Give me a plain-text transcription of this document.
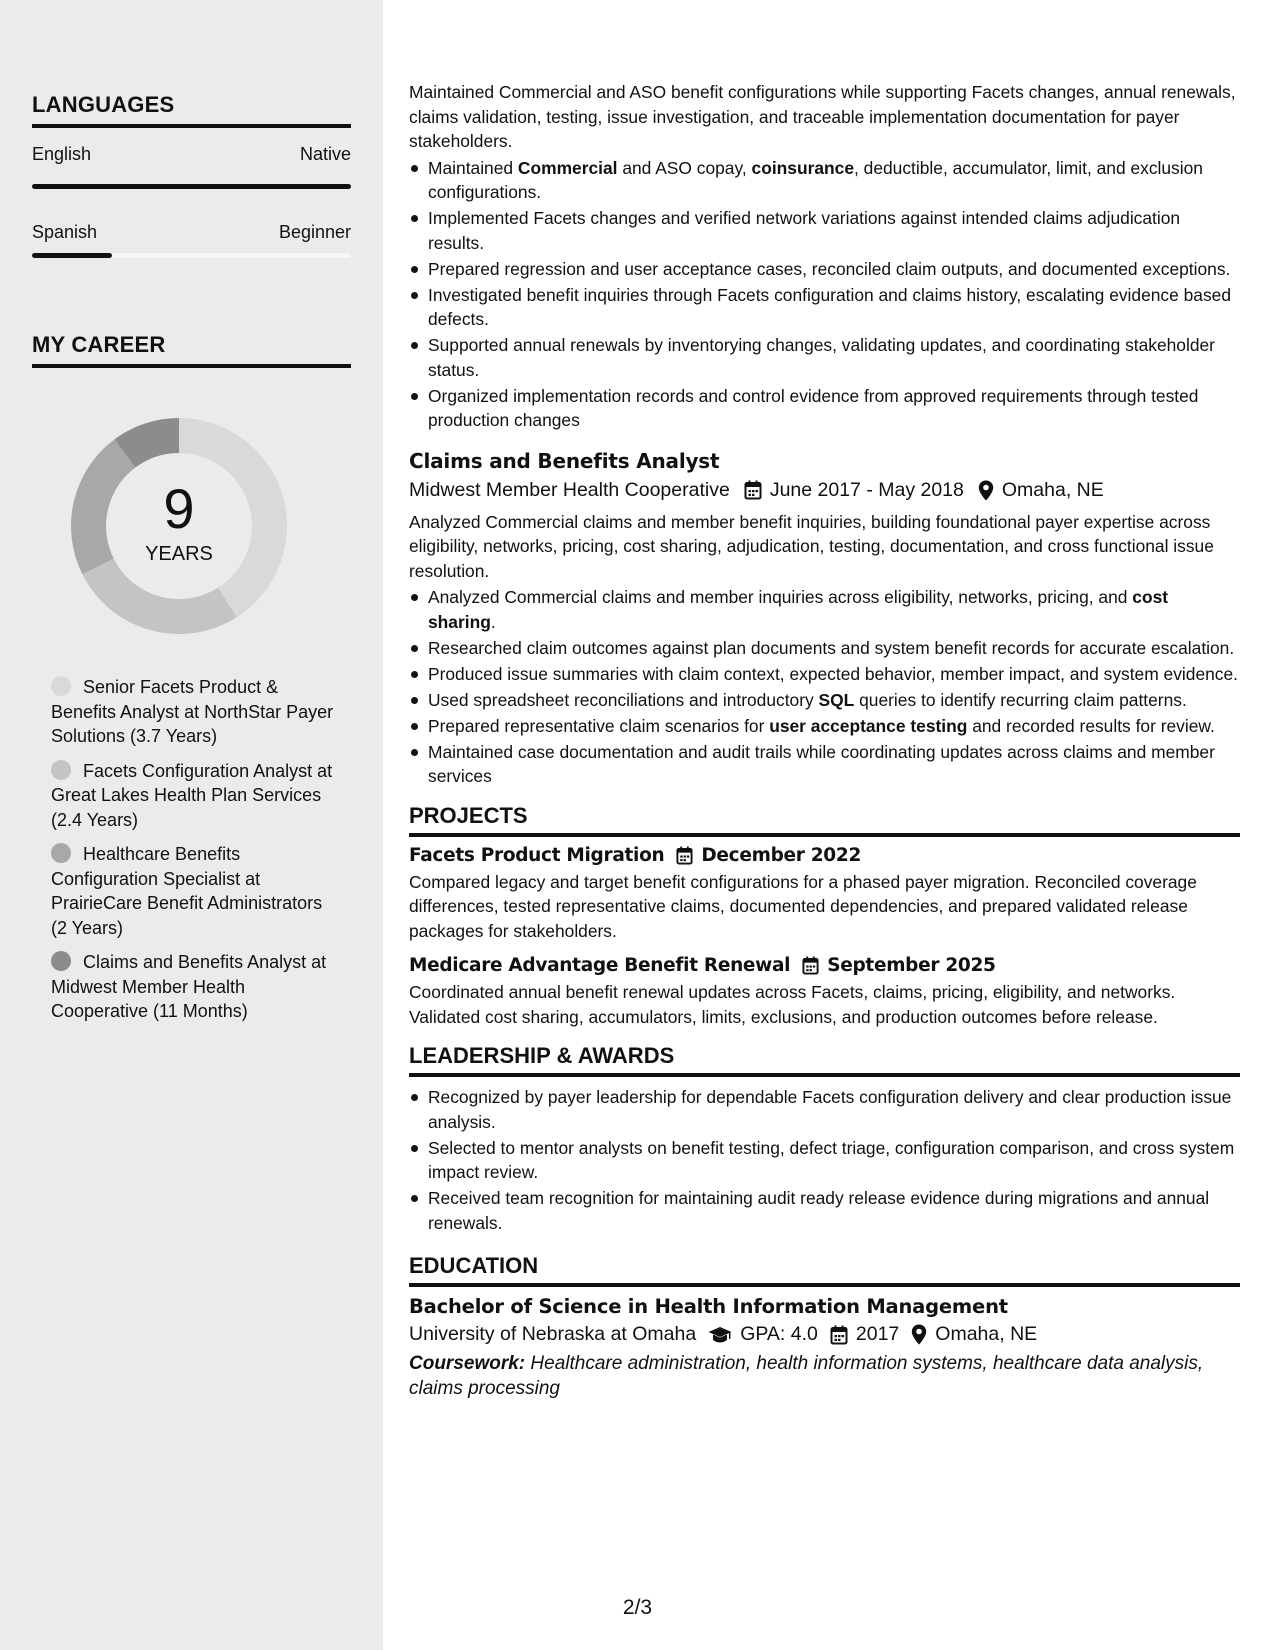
LANGUAGES
English	Native
Spanish	Beginner
MY CAREER
9
YEARS
Senior Facets Product & Benefits Analyst at NorthStar Payer Solutions (3.7 Years)
Facets Configuration Analyst at Great Lakes Health Plan Services (2.4 Years)
Healthcare Benefits Configuration Specialist at PrairieCare Benefit Administrators (2 Years)
Claims and Benefits Analyst at Midwest Member Health Cooperative (11 Months)

Maintained Commercial and ASO benefit configurations while supporting Facets changes, annual renewals, claims validation, testing, issue investigation, and traceable implementation documentation for payer stakeholders.

Maintained Commercial and ASO copay, coinsurance, deductible, accumulator, limit, and exclusion configurations.
Implemented Facets changes and verified network variations against intended claims adjudication results.
Prepared regression and user acceptance cases, reconciled claim outputs, and documented exceptions.
Investigated benefit inquiries through Facets configuration and claims history, escalating evidence based defects.
Supported annual renewals by inventorying changes, validating updates, and coordinating stakeholder status.
Organized implementation records and control evidence from approved requirements through tested production changes
Claims and Benefits Analyst
Midwest Member Health Cooperative June 2017 - May 2018 Omaha, NE

Analyzed Commercial claims and member benefit inquiries, building foundational payer expertise across eligibility, networks, pricing, cost sharing, adjudication, testing, documentation, and cross functional issue resolution.

Analyzed Commercial claims and member inquiries across eligibility, networks, pricing, and cost sharing.
Researched claim outcomes against plan documents and system benefit records for accurate escalation.
Produced issue summaries with claim context, expected behavior, member impact, and system evidence.
Used spreadsheet reconciliations and introductory SQL queries to identify recurring claim patterns.
Prepared representative claim scenarios for user acceptance testing and recorded results for review.
Maintained case documentation and audit trails while coordinating updates across claims and member services
PROJECTS
Facets Product Migration December 2022

Compared legacy and target benefit configurations for a phased payer migration. Reconciled coverage differences, tested representative claims, documented dependencies, and prepared validated release packages for stakeholders.

Medicare Advantage Benefit Renewal September 2025

Coordinated annual benefit renewal updates across Facets, claims, pricing, eligibility, and networks. Validated cost sharing, accumulators, limits, exclusions, and production outcomes before release.

LEADERSHIP & AWARDS
Recognized by payer leadership for dependable Facets configuration delivery and clear production issue analysis.
Selected to mentor analysts on benefit testing, defect triage, configuration comparison, and cross system impact review.
Received team recognition for maintaining audit ready release evidence during migrations and annual renewals.
EDUCATION
Bachelor of Science in Health Information Management
University of Nebraska at Omaha GPA: 4.0 2017 Omaha, NE

Coursework: Healthcare administration, health information systems, healthcare data analysis, claims processing

2/3
